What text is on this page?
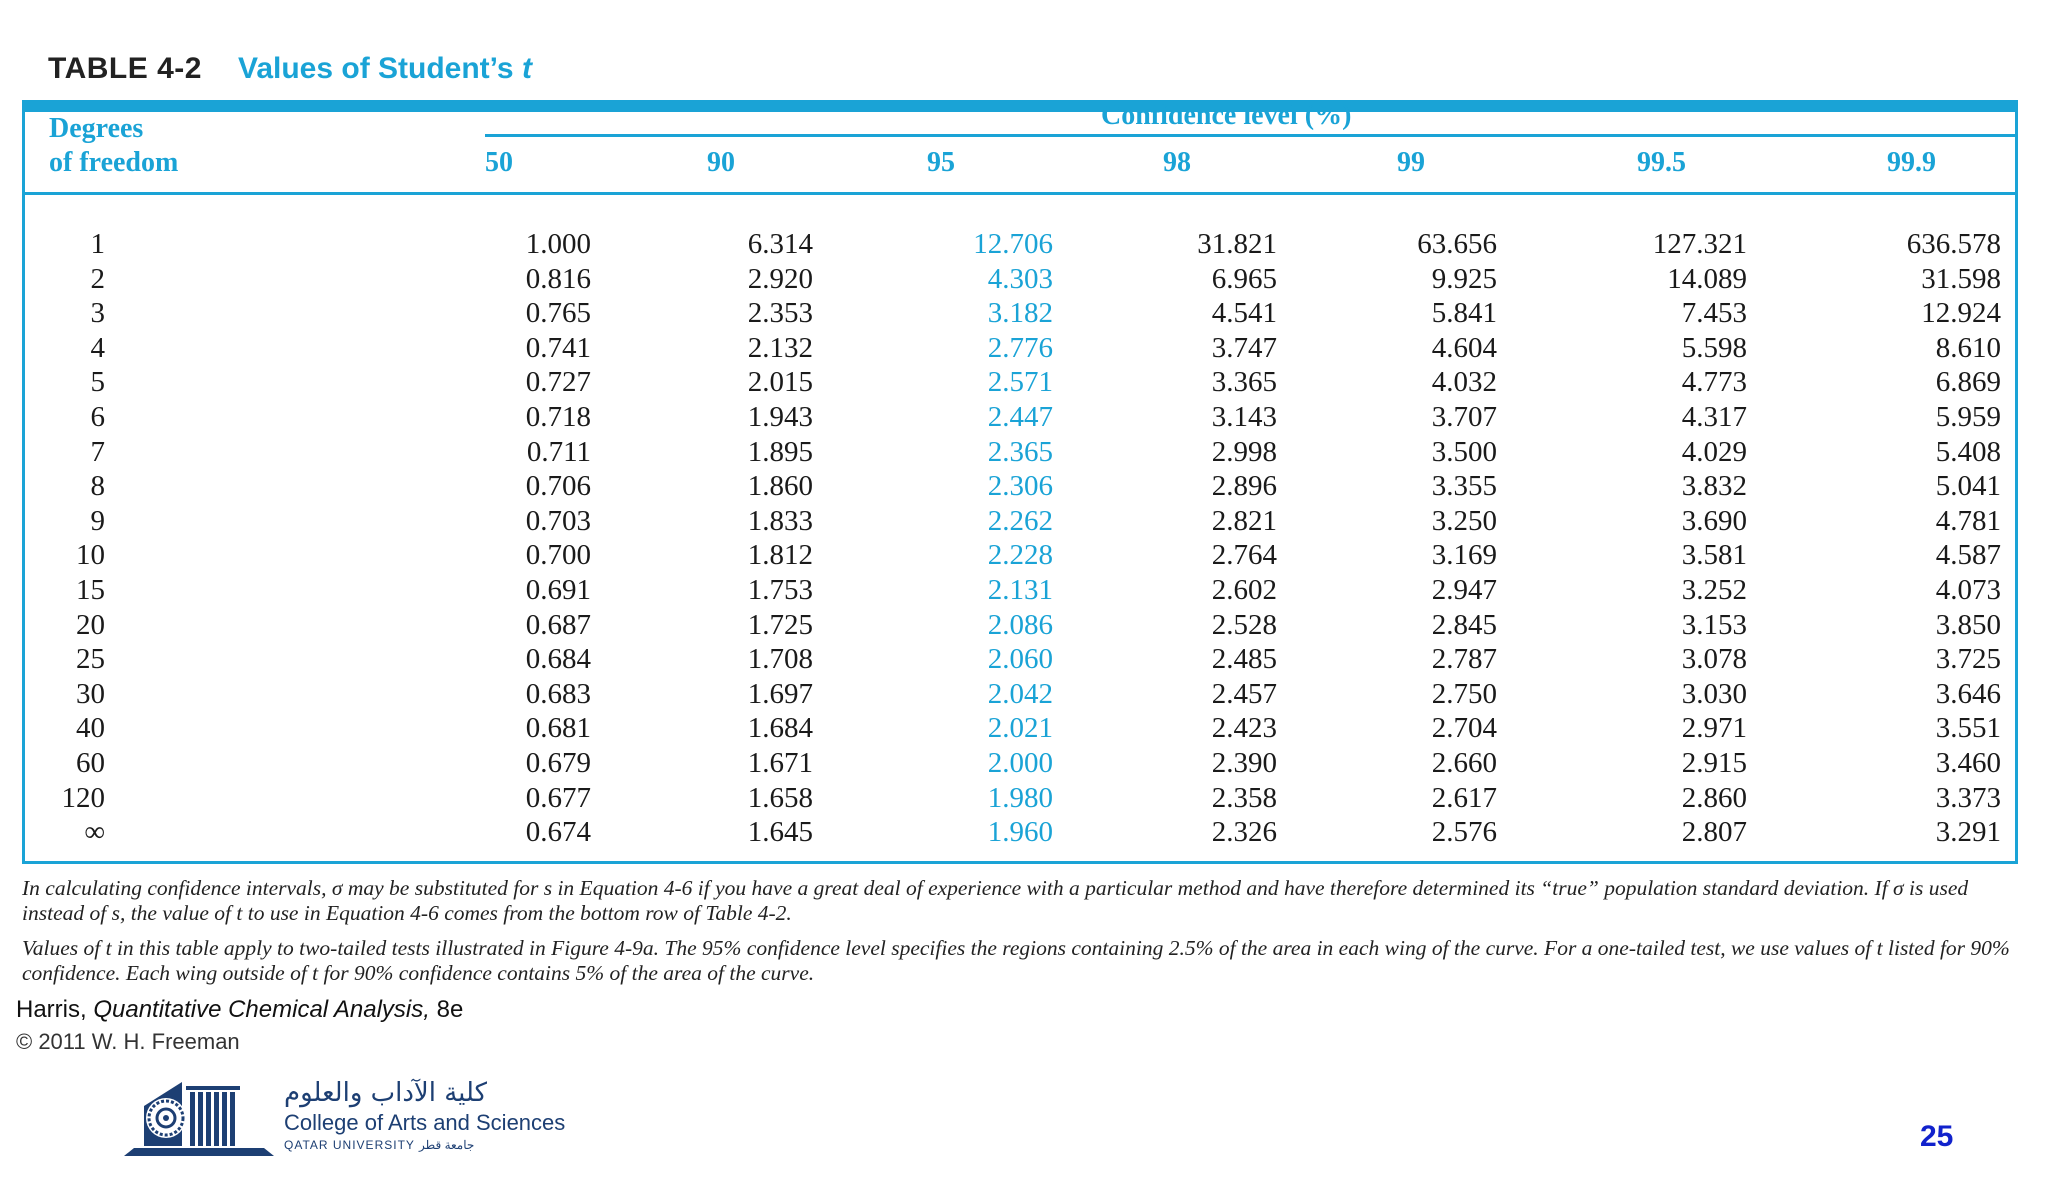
TABLE 4-2 Values of Student’s t
Degrees
of freedom
Confidence level (%)
50	90	95	98	99	99.5	99.9
1	1.000	6.314	12.706	31.821	63.656	127.321	636.578
2	0.816	2.920	4.303	6.965	9.925	14.089	31.598
3	0.765	2.353	3.182	4.541	5.841	7.453	12.924
4	0.741	2.132	2.776	3.747	4.604	5.598	8.610
5	0.727	2.015	2.571	3.365	4.032	4.773	6.869
6	0.718	1.943	2.447	3.143	3.707	4.317	5.959
7	0.711	1.895	2.365	2.998	3.500	4.029	5.408
8	0.706	1.860	2.306	2.896	3.355	3.832	5.041
9	0.703	1.833	2.262	2.821	3.250	3.690	4.781
10	0.700	1.812	2.228	2.764	3.169	3.581	4.587
15	0.691	1.753	2.131	2.602	2.947	3.252	4.073
20	0.687	1.725	2.086	2.528	2.845	3.153	3.850
25	0.684	1.708	2.060	2.485	2.787	3.078	3.725
30	0.683	1.697	2.042	2.457	2.750	3.030	3.646
40	0.681	1.684	2.021	2.423	2.704	2.971	3.551
60	0.679	1.671	2.000	2.390	2.660	2.915	3.460
120	0.677	1.658	1.980	2.358	2.617	2.860	3.373
∞	0.674	1.645	1.960	2.326	2.576	2.807	3.291
In calculating confidence intervals, σ may be substituted for s in Equation 4-6 if you have a great deal of experience with a particular method and have therefore determined its “true” population standard deviation. If σ is used instead of s, the value of t to use in Equation 4-6 comes from the bottom row of Table 4-2.
Values of t in this table apply to two-tailed tests illustrated in Figure 4-9a. The 95% confidence level specifies the regions containing 2.5% of the area in each wing of the curve. For a one-tailed test, we use values of t listed for 90% confidence. Each wing outside of t for 90% confidence contains 5% of the area of the curve.
Harris, Quantitative Chemical Analysis, 8e
© 2011 W. H. Freeman
كلية الآداب والعلوم
College of Arts and Sciences
QATAR UNIVERSITY جامعة قطر	25
